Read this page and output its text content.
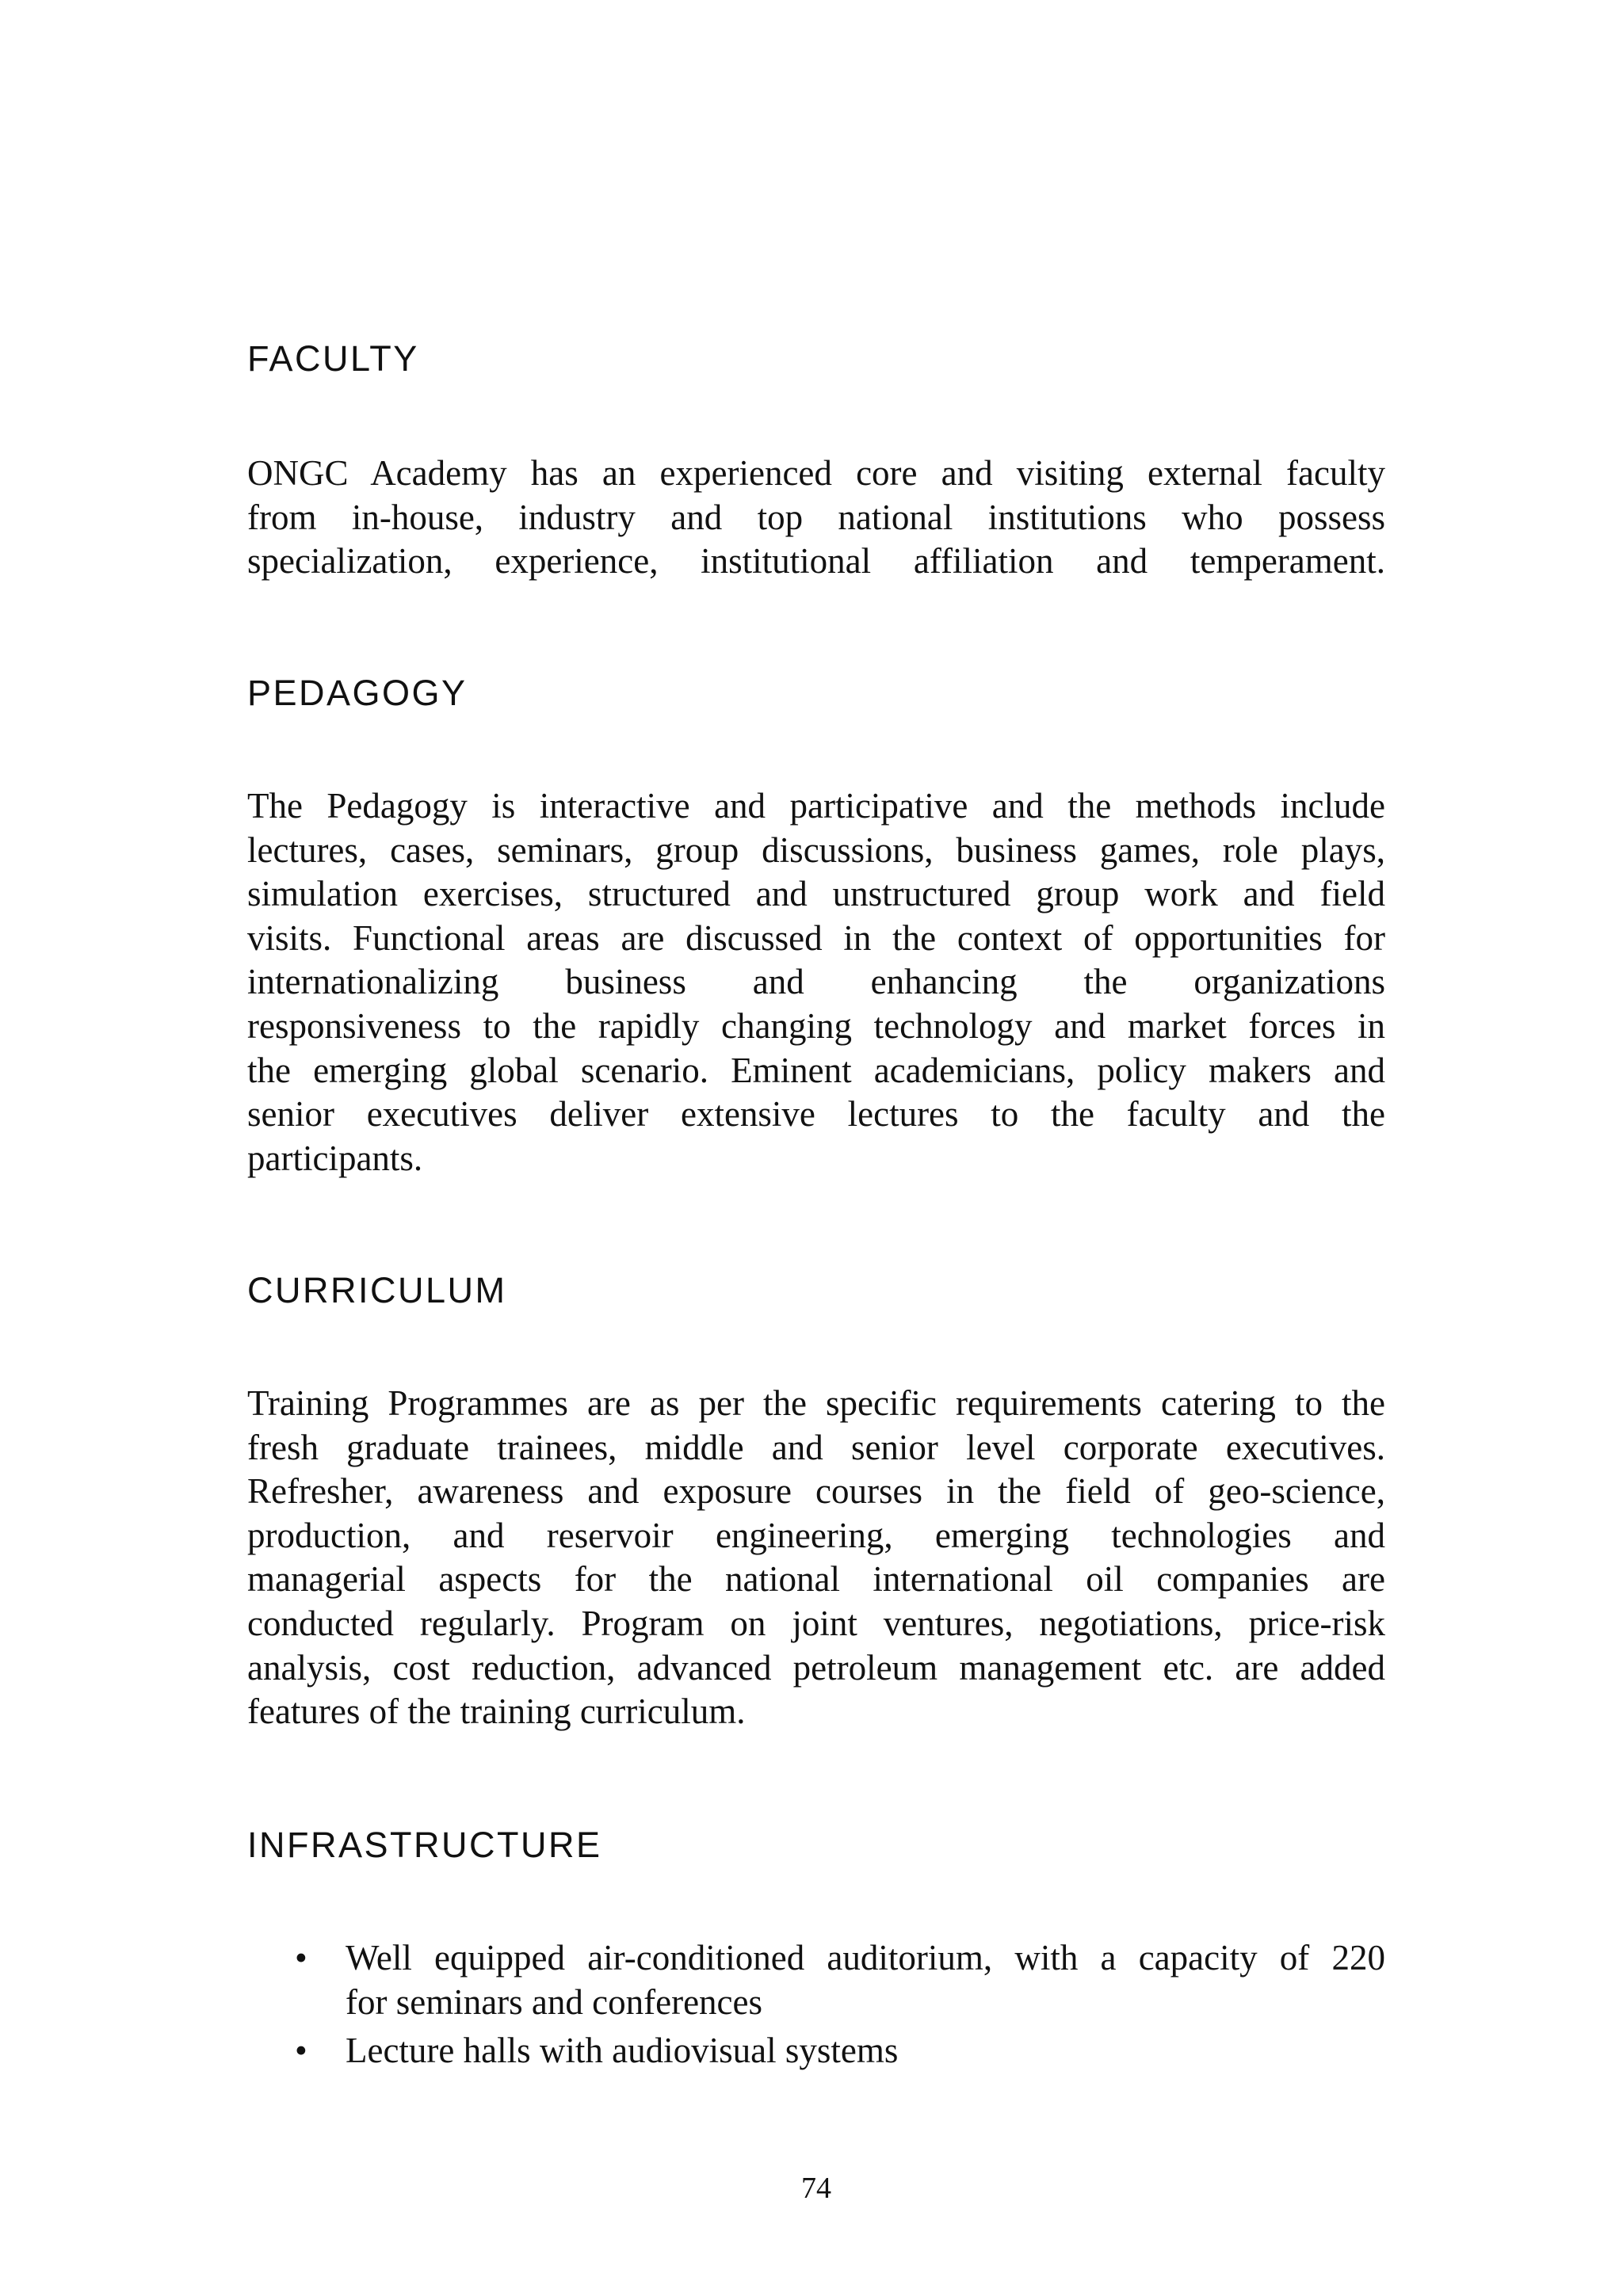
FACULTY
ONGC Academy has an experienced core and visiting external faculty
from in-house, industry and top national institutions who possess
specialization, experience, institutional affiliation and temperament.
PEDAGOGY
The Pedagogy is interactive and participative and the methods include
lectures, cases, seminars, group discussions, business games, role plays,
simulation exercises, structured and unstructured group work and field
visits. Functional areas are discussed in the context of opportunities for
internationalizing business and enhancing the organizations
responsiveness to the rapidly changing technology and market forces in
the emerging global scenario. Eminent academicians, policy makers and
senior executives deliver extensive lectures to the faculty and the
participants.
CURRICULUM
Training Programmes are as per the specific requirements catering to the
fresh graduate trainees, middle and senior level corporate executives.
Refresher, awareness and exposure courses in the field of geo-science,
production, and reservoir engineering, emerging technologies and
managerial aspects for the national international oil companies are
conducted regularly. Program on joint ventures, negotiations, price-risk
analysis, cost reduction, advanced petroleum management etc. are added
features of the training curriculum.
INFRASTRUCTURE
• Well equipped air-conditioned auditorium, with a capacity of 220
for seminars and conferences
• Lecture halls with audiovisual systems
74
